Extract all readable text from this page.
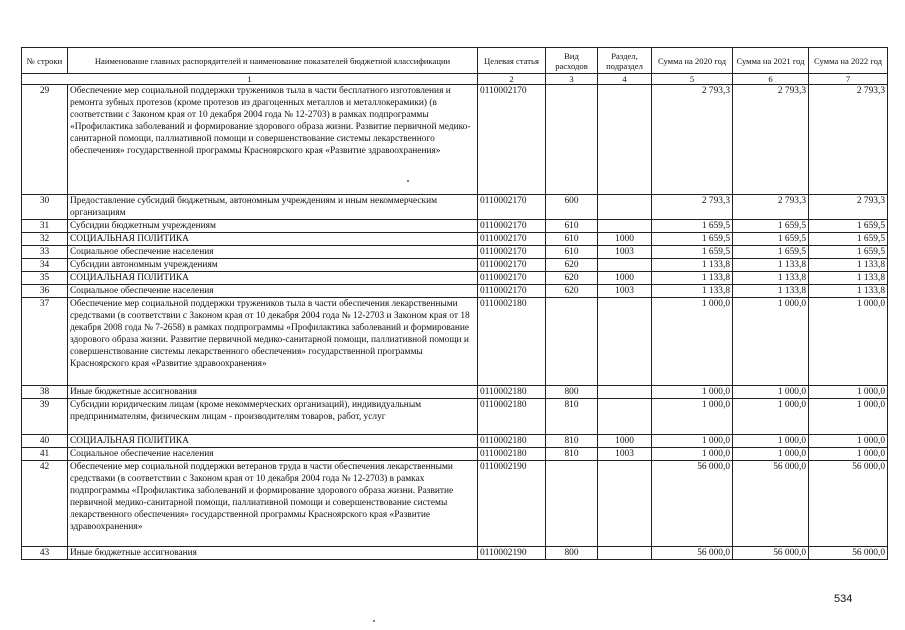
№ строки	Наименование главных распорядителей и наименование показателей бюджетной классификации	Целевая статья	Вид расходов	Раздел, подраздел	Сумма на 2020 год	Сумма на 2021 год	Сумма на 2022 год
1		2	3	4	5	6	7
29	Обеспечение мер социальной поддержки тружеников тыла в части бесплатного изготовления и ремонта зубных протезов (кроме протезов из драгоценных металлов и металлокерамики) (в соответствии с Законом края от 10 декабря 2004 года № 12-2703) в рамках подпрограммы «Профилактика заболеваний и формирование здорового образа жизни. Развитие первичной медико-санитарной помощи, паллиативной помощи и совершенствование системы лекарственного обеспечения» государственной программы Красноярского края «Развитие здравоохранения»	0110002170			2 793,3	2 793,3	2 793,3
30	Предоставление субсидий бюджетным, автономным учреждениям и иным некоммерческим организациям	0110002170	600		2 793,3	2 793,3	2 793,3
31	Субсидии бюджетным учреждениям	0110002170	610		1 659,5	1 659,5	1 659,5
32	СОЦИАЛЬНАЯ ПОЛИТИКА	0110002170	610	1000	1 659,5	1 659,5	1 659,5
33	Социальное обеспечение населения	0110002170	610	1003	1 659,5	1 659,5	1 659,5
34	Субсидии автономным учреждениям	0110002170	620		1 133,8	1 133,8	1 133,8
35	СОЦИАЛЬНАЯ ПОЛИТИКА	0110002170	620	1000	1 133,8	1 133,8	1 133,8
36	Социальное обеспечение населения	0110002170	620	1003	1 133,8	1 133,8	1 133,8
37	Обеспечение мер социальной поддержки тружеников тыла в части обеспечения лекарственными средствами (в соответствии с Законом края от 10 декабря 2004 года № 12-2703 и Законом края от 18 декабря 2008 года № 7-2658) в рамках подпрограммы «Профилактика заболеваний и формирование здорового образа жизни. Развитие первичной медико-санитарной помощи, паллиативной помощи и совершенствование системы лекарственного обеспечения» государственной программы Красноярского края «Развитие здравоохранения»	0110002180			1 000,0	1 000,0	1 000,0
38	Иные бюджетные ассигнования	0110002180	800		1 000,0	1 000,0	1 000,0
39	Субсидии юридическим лицам (кроме некоммерческих организаций), индивидуальным предпринимателям, физическим лицам - производителям товаров, работ, услуг	0110002180	810		1 000,0	1 000,0	1 000,0
40	СОЦИАЛЬНАЯ ПОЛИТИКА	0110002180	810	1000	1 000,0	1 000,0	1 000,0
41	Социальное обеспечение населения	0110002180	810	1003	1 000,0	1 000,0	1 000,0
42	Обеспечение мер социальной поддержки ветеранов труда в части обеспечения лекарственными средствами (в соответствии с Законом края от 10 декабря 2004 года № 12-2703) в рамках подпрограммы «Профилактика заболеваний и формирование здорового образа жизни. Развитие первичной медико-санитарной помощи, паллиативной помощи и совершенствование системы лекарственного обеспечения» государственной программы Красноярского края «Развитие здравоохранения»	0110002190			56 000,0	56 000,0	56 000,0
43	Иные бюджетные ассигнования	0110002190	800		56 000,0	56 000,0	56 000,0
534
